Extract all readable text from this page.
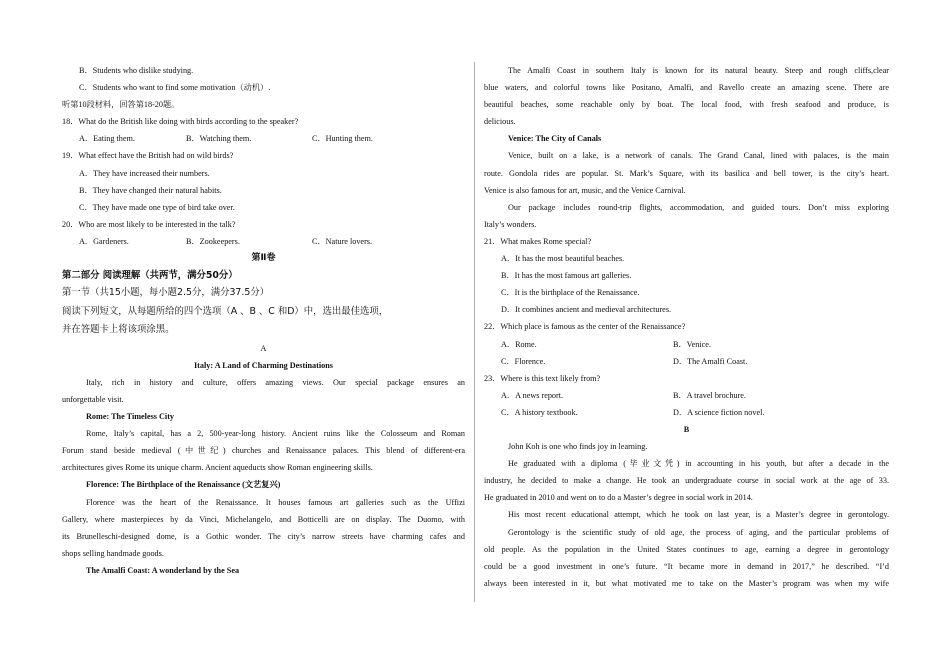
B．Students who dislike studying.

C．Students who want to find some motivation（动机）.

听第10段材料，回答第18-20题。

18．What do the British like doing with birds according to the speaker?

A．Eating them.	B．Watching them.	C．Hunting them.

19．What effect have the British had on wild birds?

A．They have increased their numbers.

B．They have changed their natural habits.

C．They have made one type of bird take over.

20．Who are most likely to be interested in the talk?

A．Gardeners.	B．Zookeepers.	C．Nature lovers.

第Ⅱ卷

第二部分 阅读理解（共两节，满分50分）

第一节（共15小题，每小题2.5分，满分37.5分）

阅读下列短文，从每题所给的四个选项（A 、B 、C 和D）中，选出最佳选项，

并在答题卡上将该项涂黑。

A

Italy: A Land of Charming Destinations

Italy, rich in history and culture, offers amazing views. Our special package ensures an

unforgettable visit.

Rome: The Timeless City

Rome, Italy’s capital, has a 2, 500-year-long history. Ancient ruins like the Colosseum and Roman

Forum stand beside medieval (中世纪) churches and Renaissance palaces. This blend of different-era

architectures gives Rome its unique charm. Ancient aqueducts show Roman engineering skills.

Florence: The Birthplace of the Renaissance (文艺复兴)

Florence was the heart of the Renaissance. It houses famous art galleries such as the Uffizi

Gallery, where masterpieces by da Vinci, Michelangelo, and Botticelli are on display. The Duomo, with

its Brunelleschi-designed dome, is a Gothic wonder. The city’s narrow streets have charming cafes and

shops selling handmade goods.

The Amalfi Coast: A wonderland by the Sea

The Amalfi Coast in southern Italy is known for its natural beauty. Steep and rough cliffs,clear

blue waters, and colorful towns like Positano, Amalfi, and Ravello create an amazing scene. There are

beautiful beaches, some reachable only by boat. The local food, with fresh seafood and produce, is

delicious.

Venice: The City of Canals

Venice, built on a lake, is a network of canals. The Grand Canal, lined with palaces, is the main

route. Gondola rides are popular. St. Mark’s Square, with its basilica and bell tower, is the city’s heart.

Venice is also famous for art, music, and the Venice Carnival.

Our package includes round-trip flights, accommodation, and guided tours. Don’t miss exploring

Italy’s wonders.

21．What makes Rome special?

A．It has the most beautiful beaches.

B．It has the most famous art galleries.

C．It is the birthplace of the Renaissance.

D．It combines ancient and medieval architectures.

22．Which place is famous as the center of the Renaissance?

A．Rome.	B．Venice.
C．Florence.	D．The Amalfi Coast.

23．Where is this text likely from?

A．A news report.	B．A travel brochure.
C．A history textbook.	D．A science fiction novel.

B

John Koh is one who finds joy in learning.

He graduated with a diploma (毕业文凭) in accounting in his youth, but after a decade in the

industry, he decided to make a change. He took an undergraduate course in social work at the age of 33.

He graduated in 2010 and went on to do a Master’s degree in social work in 2014.

His most recent educational attempt, which he took on last year, is a Master’s degree in gerontology.

Gerontology is the scientific study of old age, the process of aging, and the particular problems of

old people. As the population in the United States continues to age, earning a degree in gerontology

could be a good investment in one’s future. “It became more in demand in 2017,” he described. “I’d

always been interested in it, but what motivated me to take on the Master’s program was when my wife
